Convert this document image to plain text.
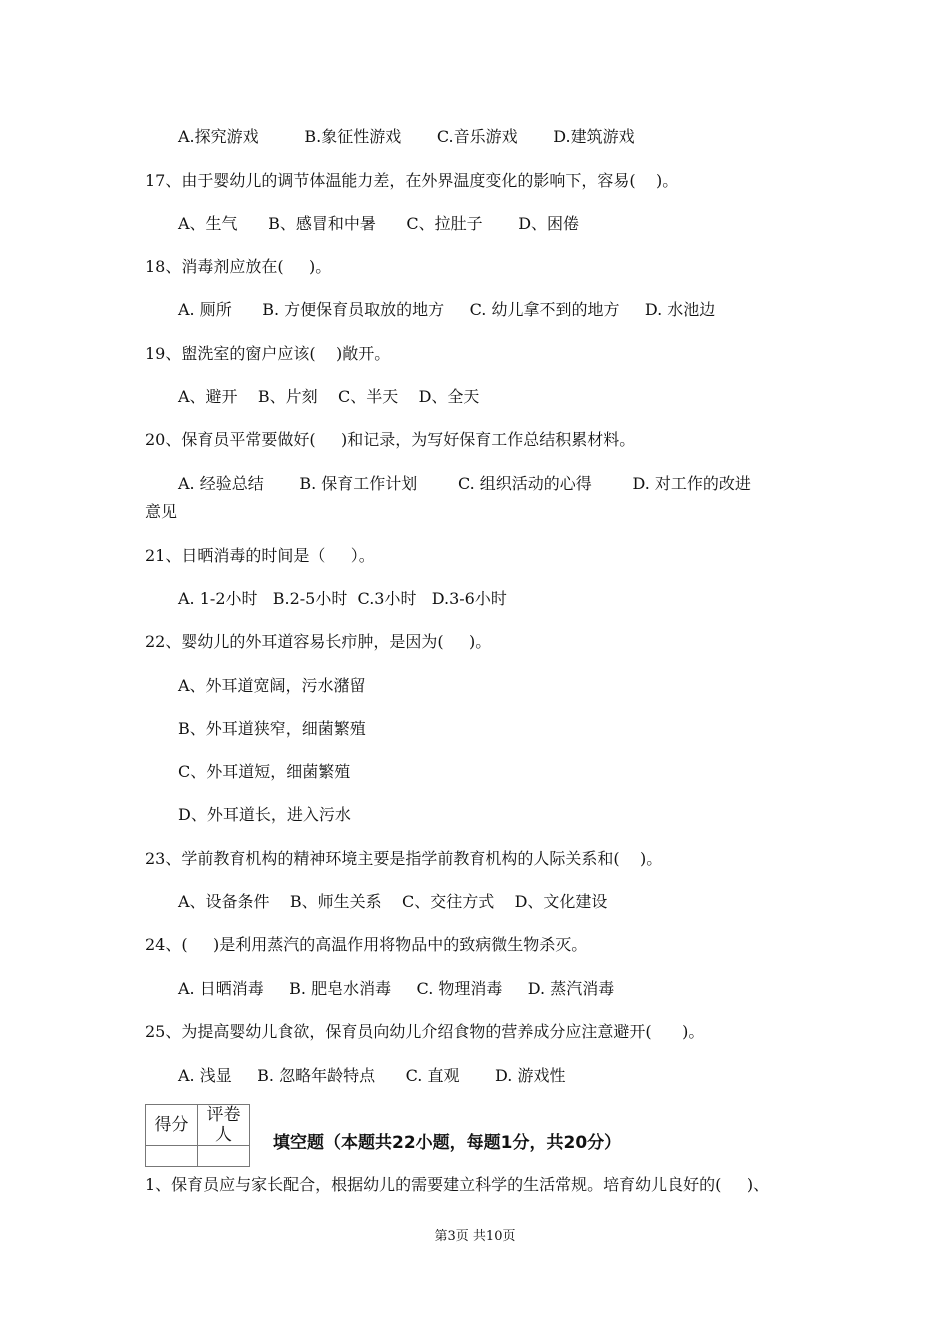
A.探究游戏         B.象征性游戏       C.音乐游戏       D.建筑游戏
17、由于婴幼儿的调节体温能力差，在外界温度变化的影响下，容易(    )。
A、生气      B、感冒和中暑      C、拉肚子       D、困倦
18、消毒剂应放在(     )。
A. 厕所      B. 方便保育员取放的地方     C. 幼儿拿不到的地方     D. 水池边
19、盥洗室的窗户应该(    )敞开。
A、避开    B、片刻    C、半天    D、全天
20、保育员平常要做好(     )和记录，为写好保育工作总结积累材料。
A. 经验总结       B. 保育工作计划        C. 组织活动的心得        D. 对工作的改进
意见
21、日晒消毒的时间是（     ）。
A. 1-2小时   B.2-5小时  C.3小时   D.3-6小时
22、婴幼儿的外耳道容易长疖肿，是因为(     )。
A、外耳道宽阔，污水潴留
B、外耳道狭窄，细菌繁殖
C、外耳道短，细菌繁殖
D、外耳道长，进入污水
23、学前教育机构的精神环境主要是指学前教育机构的人际关系和(    )。
A、设备条件    B、师生关系    C、交往方式    D、文化建设
24、(     )是利用蒸汽的高温作用将物品中的致病微生物杀灭。
A. 日晒消毒     B. 肥皂水消毒     C. 物理消毒     D. 蒸汽消毒
25、为提高婴幼儿食欲，保育员向幼儿介绍食物的营养成分应注意避开(      )。
A. 浅显     B. 忽略年龄特点      C. 直观       D. 游戏性
得分	评卷人
	填空题（本题共22小题，每题1分，共20分）
1、保育员应与家长配合，根据幼儿的需要建立科学的生活常规。培育幼儿良好的(     )、
第3页 共10页
